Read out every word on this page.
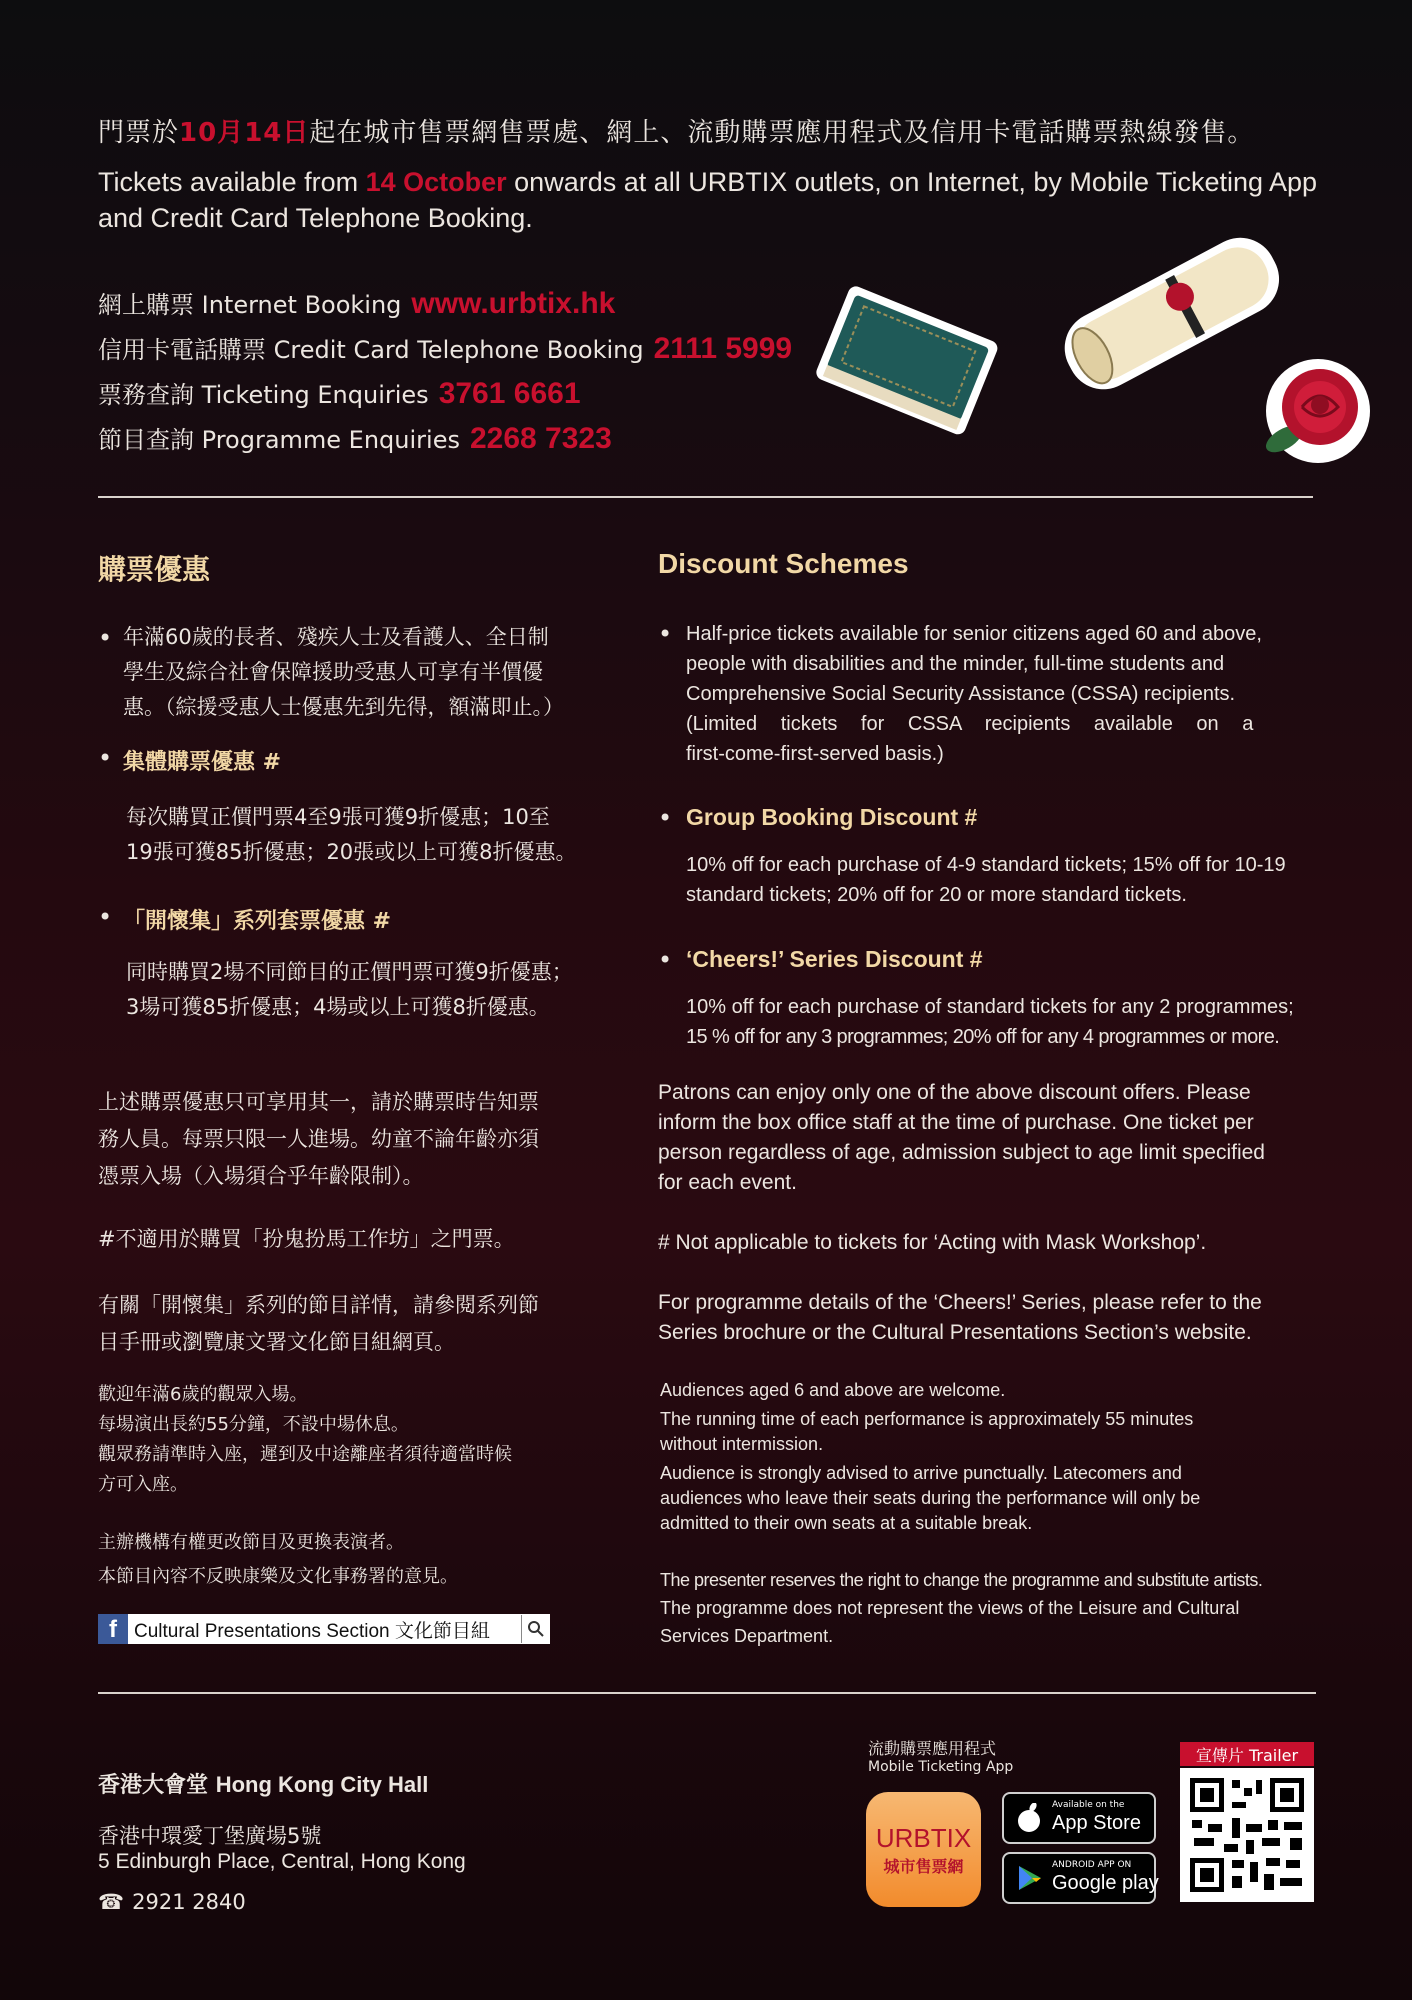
門票於10月14日起在城市售票網售票處、網上、流動購票應用程式及信用卡電話購票熱線發售。
Tickets available from 14 October onwards at all URBTIX outlets, on Internet, by Mobile Ticketing App and Credit Card Telephone Booking.
網上購票 Internet Booking www.urbtix.hk
信用卡電話購票 Credit Card Telephone Booking 2111 5999
票務查詢 Ticketing Enquiries 3761 6661
節目查詢 Programme Enquiries 2268 7323
購票優惠
• 年滿60歲的長者、殘疾人士及看護人、全日制
學生及綜合社會保障援助受惠人可享有半價優
惠。（綜援受惠人士優惠先到先得，額滿即止。）
• 集體購票優惠 #
每次購買正價門票4至9張可獲9折優惠；10至
19張可獲85折優惠；20張或以上可獲8折優惠。
• 「開懷集」系列套票優惠 #
同時購買2場不同節目的正價門票可獲9折優惠；
3場可獲85折優惠；4場或以上可獲8折優惠。
上述購票優惠只可享用其一，請於購票時告知票
務人員。每票只限一人進場。幼童不論年齡亦須
憑票入場（入場須合乎年齡限制）。
#不適用於購買「扮鬼扮馬工作坊」之門票。
有關「開懷集」系列的節目詳情，請參閱系列節
目手冊或瀏覽康文署文化節目組網頁。
歡迎年滿6歲的觀眾入場。
每場演出長約55分鐘，不設中場休息。
觀眾務請準時入座，遲到及中途離座者須待適當時候
方可入座。
主辦機構有權更改節目及更換表演者。
本節目內容不反映康樂及文化事務署的意見。
f Cultural Presentations Section 文化節目組
Discount Schemes
• Half-price tickets available for senior citizens aged 60 and above,
people with disabilities and the minder, full-time students and
Comprehensive Social Security Assistance (CSSA) recipients.
(Limited tickets for CSSA recipients available on a
first-come-first-served basis.)
• Group Booking Discount #
10% off for each purchase of 4-9 standard tickets; 15% off for 10-19
standard tickets; 20% off for 20 or more standard tickets.
• ‘Cheers!’ Series Discount #
10% off for each purchase of standard tickets for any 2 programmes;
15 % off for any 3 programmes; 20% off for any 4 programmes or more.
Patrons can enjoy only one of the above discount offers. Please
inform the box office staff at the time of purchase. One ticket per
person regardless of age, admission subject to age limit specified
for each event.
# Not applicable to tickets for ‘Acting with Mask Workshop’.
For programme details of the ‘Cheers!’ Series, please refer to the
Series brochure or the Cultural Presentations Section’s website.
Audiences aged 6 and above are welcome.
The running time of each performance is approximately 55 minutes
without intermission.
Audience is strongly advised to arrive punctually. Latecomers and
audiences who leave their seats during the performance will only be
admitted to their own seats at a suitable break.
The presenter reserves the right to change the programme and substitute artists.
The programme does not represent the views of the Leisure and Cultural
Services Department.
香港大會堂 Hong Kong City Hall
香港中環愛丁堡廣場5號
5 Edinburgh Place, Central, Hong Kong
☎ 2921 2840
流動購票應用程式
Mobile Ticketing App
URBTIX
城市售票網
Available on the
App Store
ANDROID APP ON
Google play
宣傳片 Trailer
